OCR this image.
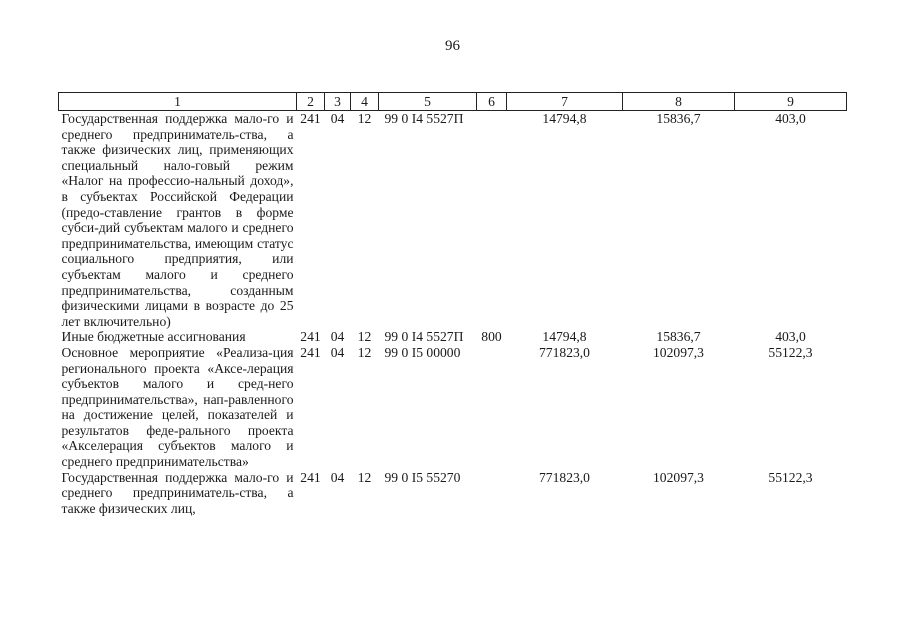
96
1	2	3	4	5	6	7	8	9
Государственная поддержка мало-го и среднего предприниматель-ства, а также физических лиц, применяющих специальный нало-говый режим «Налог на профессио-нальный доход», в субъектах Российской Федерации (предо-ставление грантов в форме субси-дий субъектам малого и среднего предпринимательства, имеющим статус социального предприятия, или субъектам малого и среднего предпринимательства, созданным физическими лицами в возрасте до 25 лет включительно)	241	04	12	99 0 I4 5527П		14794,8	15836,7	403,0
Иные бюджетные ассигнования	241	04	12	99 0 I4 5527П	800	14794,8	15836,7	403,0
Основное мероприятие «Реализа-ция регионального проекта «Аксе-лерация субъектов малого и сред-него предпринимательства», нап-равленного на достижение целей, показателей и результатов феде-рального проекта «Акселерация субъектов малого и среднего предпринимательства»	241	04	12	99 0 I5 00000		771823,0	102097,3	55122,3
Государственная поддержка мало-го и среднего предприниматель-ства, а также физических лиц,	241	04	12	99 0 I5 55270		771823,0	102097,3	55122,3
